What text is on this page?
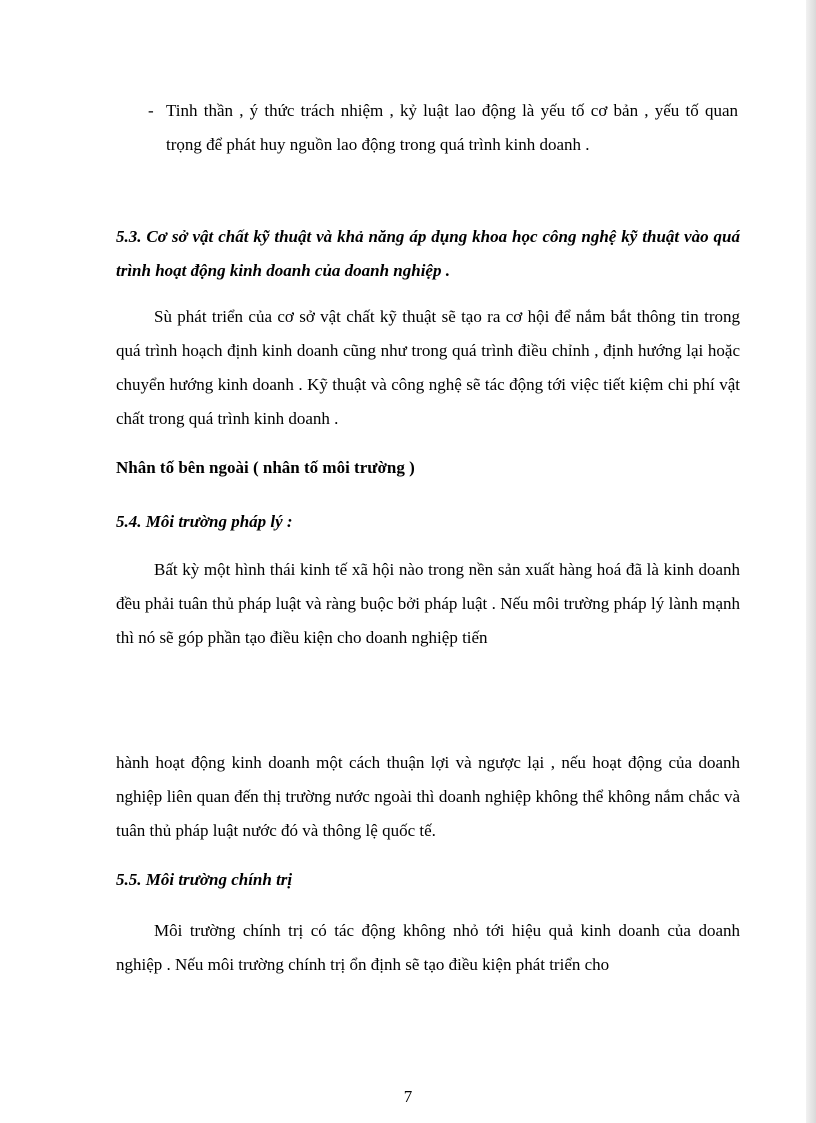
- Tinh thần , ý thức trách nhiệm , kỷ luật lao động là yếu tố cơ bản , yếu tố quan trọng để phát huy nguồn lao động trong quá trình kinh doanh .
5.3. Cơ sở vật chất kỹ thuật và khả năng áp dụng khoa học công nghệ kỹ thuật vào quá trình hoạt động kinh doanh của doanh nghiệp .
Sù phát triển của cơ sở vật chất kỹ thuật sẽ tạo ra cơ hội để nắm bắt thông tin trong quá trình hoạch định kinh doanh cũng như trong quá trình điều chỉnh , định hướng lại hoặc chuyển hướng kinh doanh . Kỹ thuật và công nghệ sẽ tác động tới việc tiết kiệm chi phí vật chất trong quá trình kinh doanh .
Nhân tố bên ngoài ( nhân tố môi trường )
5.4. Môi trường pháp lý :
Bất kỳ một hình thái kinh tế xã hội nào trong nền sản xuất hàng hoá đã là kinh doanh đều phải tuân thủ pháp luật và ràng buộc bởi pháp luật . Nếu môi trường pháp lý lành mạnh thì nó sẽ góp phần tạo điều kiện cho doanh nghiệp tiến
hành hoạt động kinh doanh một cách thuận lợi và ngược lại , nếu hoạt động của doanh nghiệp liên quan đến thị trường nước ngoài thì doanh nghiệp không thể không nắm chắc và tuân thủ pháp luật nước đó và thông lệ quốc tế.
5.5. Môi trường chính trị
Môi trường chính trị có tác động không nhỏ tới hiệu quả kinh doanh của doanh nghiệp . Nếu môi trường chính trị ổn định sẽ tạo điều kiện phát triển cho
7
